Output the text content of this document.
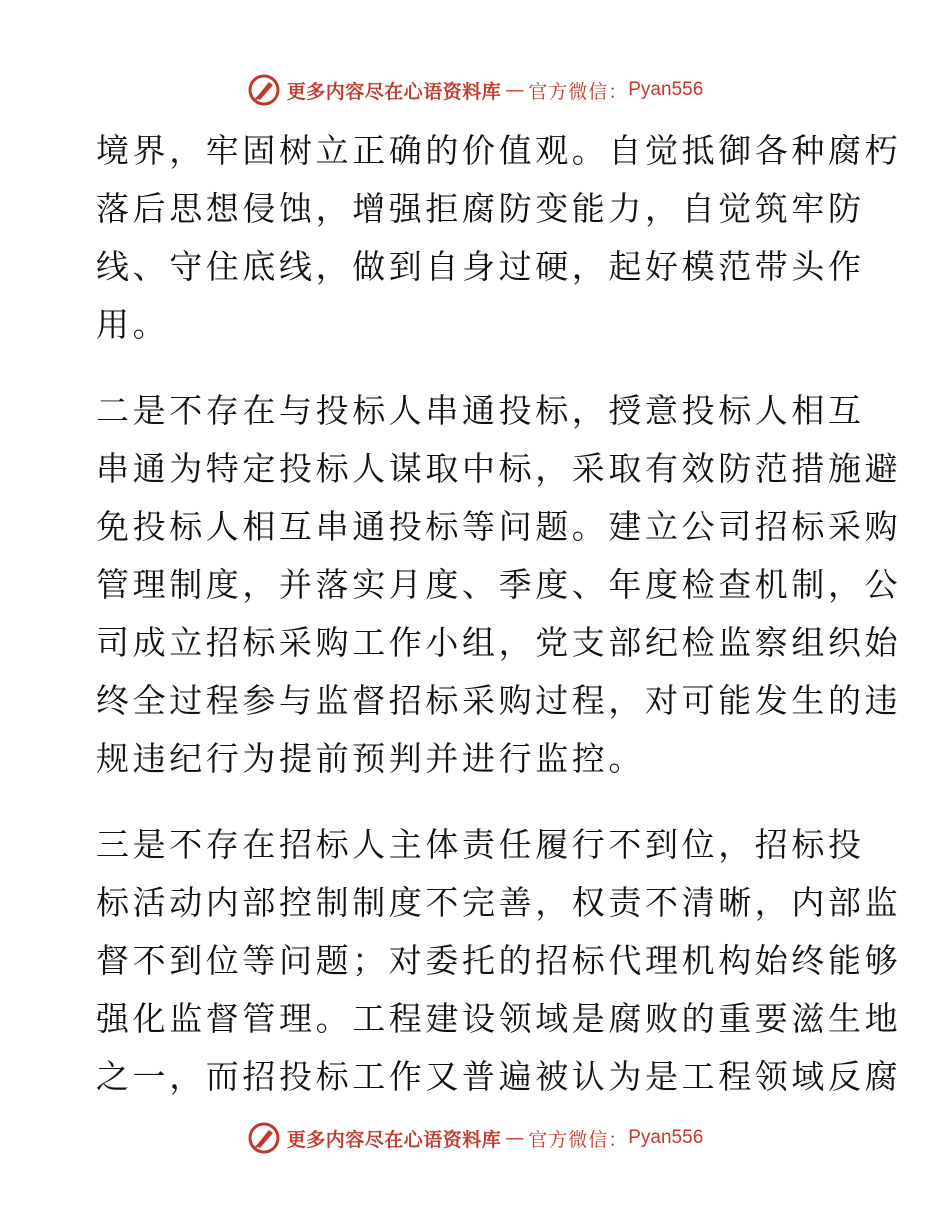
更多内容尽在心语资料库 — 官方微信： Pyan556
境界，牢固树立正确的价值观。自觉抵御各种腐朽
落后思想侵蚀，增强拒腐防变能力，自觉筑牢防
线、守住底线，做到自身过硬，起好模范带头作
用。
二是不存在与投标人串通投标，授意投标人相互
串通为特定投标人谋取中标，采取有效防范措施避
免投标人相互串通投标等问题。建立公司招标采购
管理制度，并落实月度、季度、年度检查机制，公
司成立招标采购工作小组，党支部纪检监察组织始
终全过程参与监督招标采购过程，对可能发生的违
规违纪行为提前预判并进行监控。
三是不存在招标人主体责任履行不到位，招标投
标活动内部控制制度不完善，权责不清晰，内部监
督不到位等问题；对委托的招标代理机构始终能够
强化监督管理。工程建设领域是腐败的重要滋生地
之一，而招投标工作又普遍被认为是工程领域反腐
更多内容尽在心语资料库 — 官方微信： Pyan556
